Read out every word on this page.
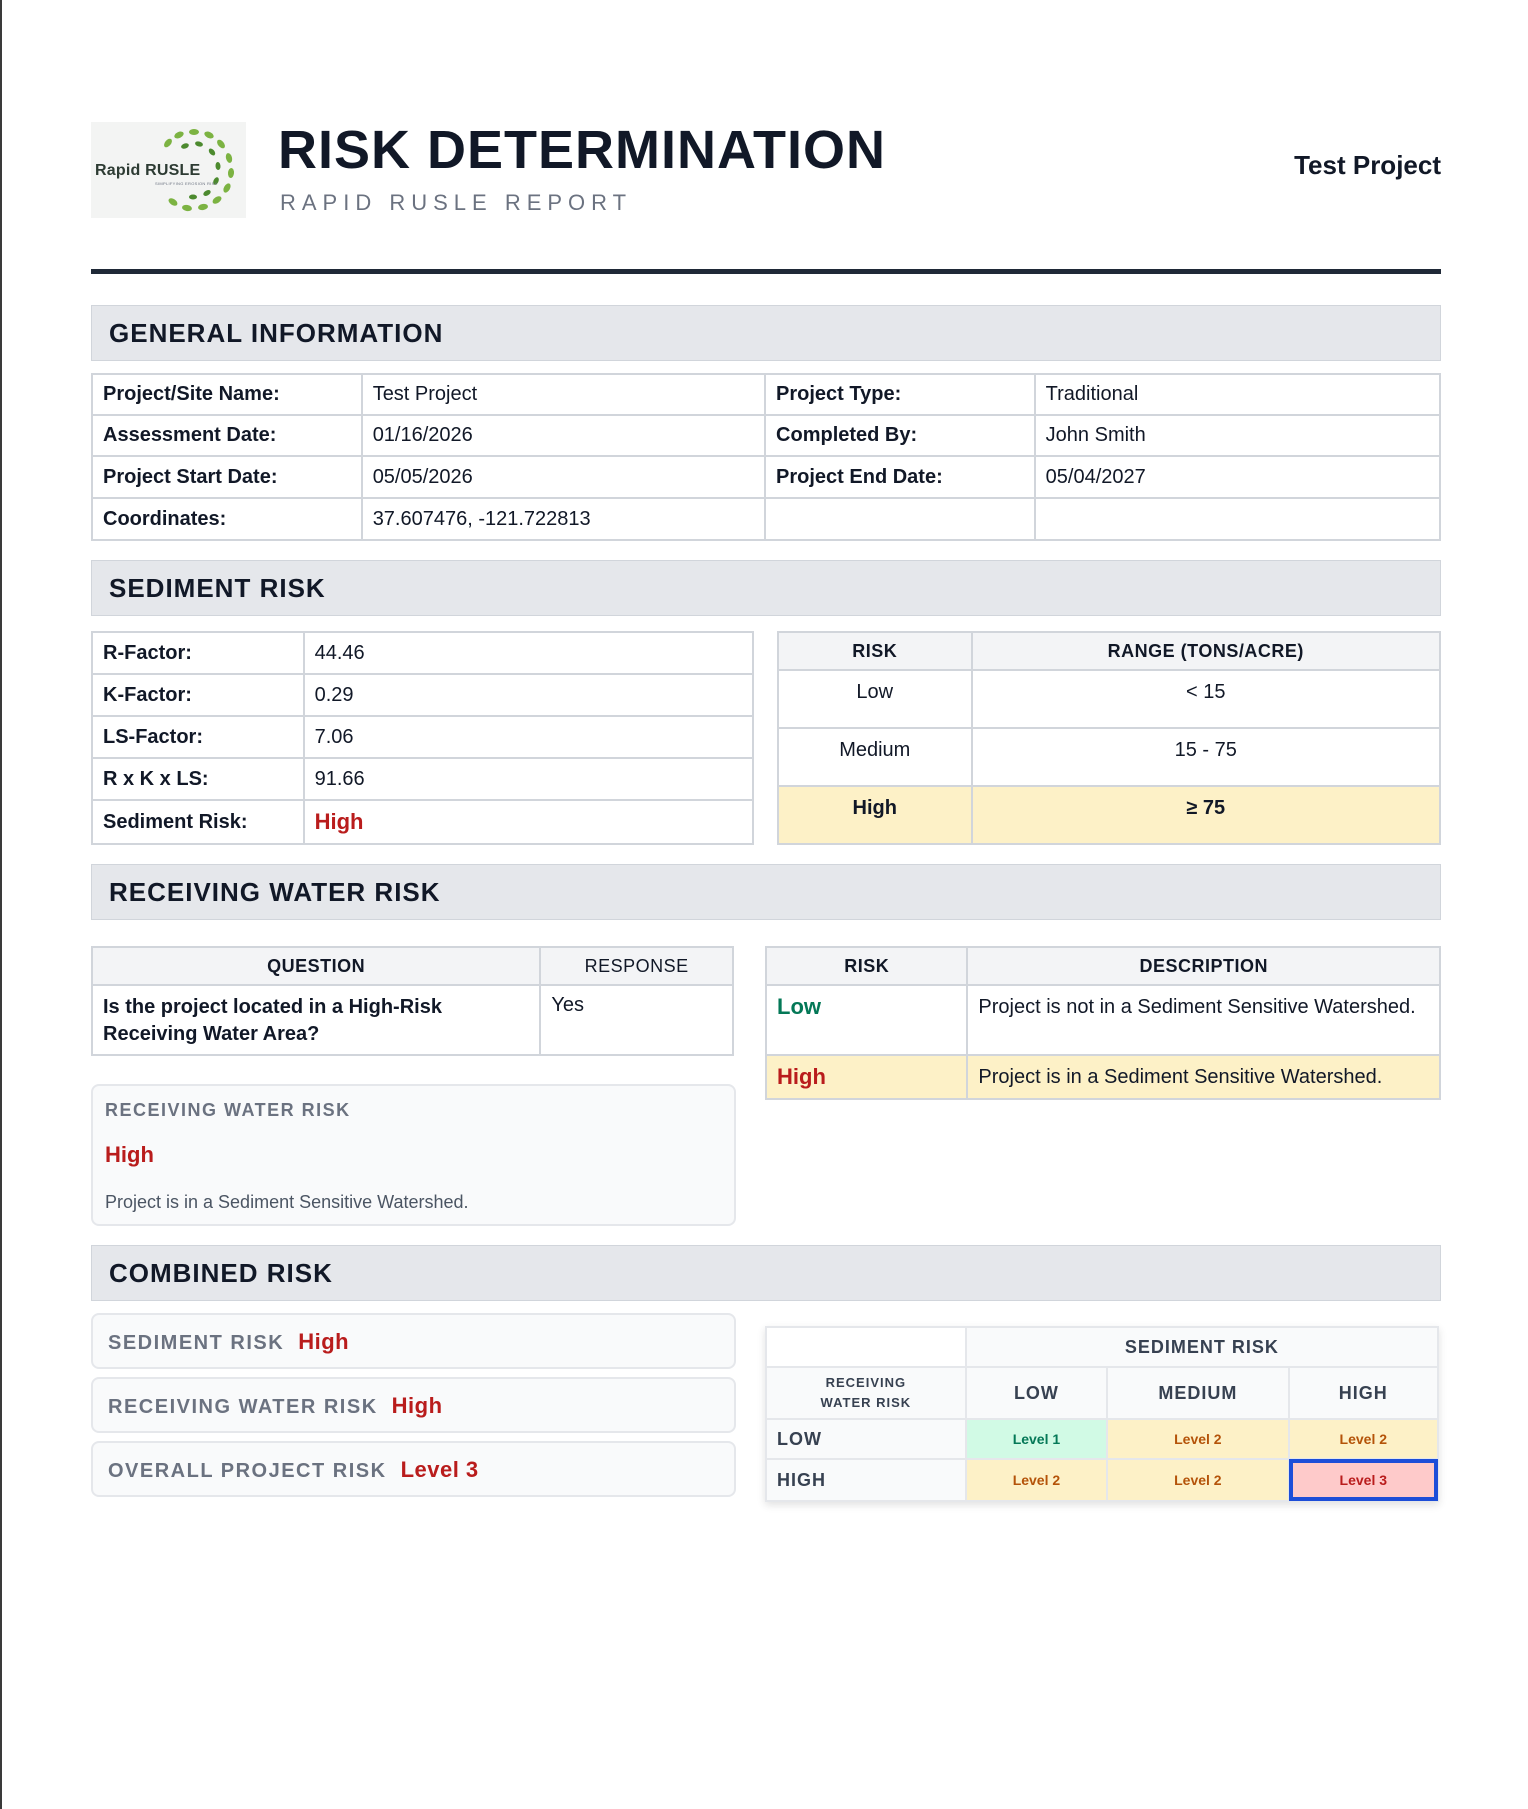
Rapid RUSLE
SIMPLIFYING EROSION RISK
RISK DETERMINATION
RAPID RUSLE REPORT
Test Project
GENERAL INFORMATION
Project/Site Name:	Test Project	Project Type:	Traditional
Assessment Date:	01/16/2026	Completed By:	John Smith
Project Start Date:	05/05/2026	Project End Date:	05/04/2027
Coordinates:	37.607476, -121.722813		
SEDIMENT RISK
R-Factor:	44.46
K-Factor:	0.29
LS-Factor:	7.06
R x K x LS:	91.66
Sediment Risk:	High
RISK	RANGE (TONS/ACRE)
Low	< 15
Medium	15 - 75
High	≥ 75
RECEIVING WATER RISK
QUESTION	RESPONSE
Is the project located in a High-Risk Receiving Water Area?	Yes
RECEIVING WATER RISK
High
Project is in a Sediment Sensitive Watershed.
RISK	DESCRIPTION
Low	Project is not in a Sediment Sensitive Watershed.
High	Project is in a Sediment Sensitive Watershed.
COMBINED RISK
SEDIMENT RISK High
RECEIVING WATER RISK High
OVERALL PROJECT RISK Level 3
	SEDIMENT RISK		
RECEIVING WATER RISK	LOW	MEDIUM	HIGH
LOW	Level 1	Level 2	Level 2
HIGH	Level 2	Level 2	Level 3
